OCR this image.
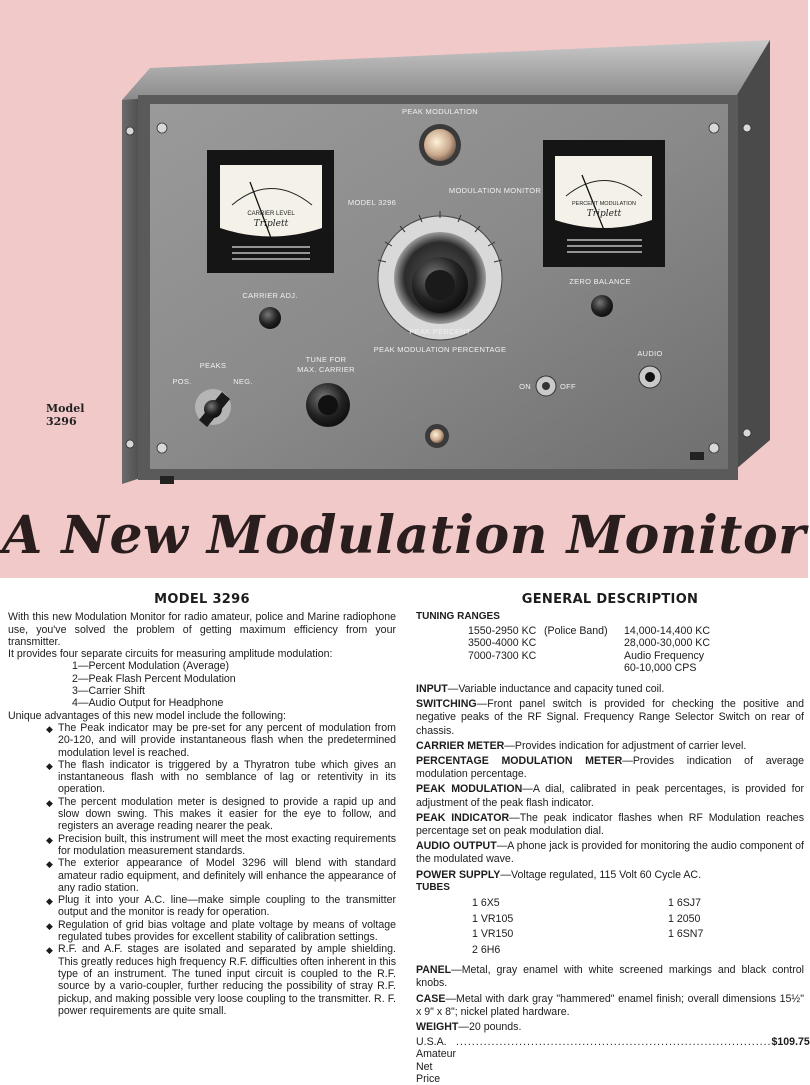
CARRIER LEVEL
Triplett
PERCENT MODULATION
Triplett
PEAK MODULATION
MODEL 3296
MODULATION MONITOR
PEAK PERCENT
PEAK MODULATION PERCENTAGE
CARRIER ADJ.
ZERO BALANCE
PEAKS
POS.	NEG.
TUNE FOR
MAX. CARRIER
ON	OFF
AUDIO
Model
3296
A New Modulation Monitor
MODEL 3296

With this new Modulation Monitor for radio amateur, police and Marine radiophone use, you've solved the problem of getting maximum efficiency from your transmitter.

It provides four separate circuits for measuring amplitude modulation:

1—Percent Modulation (Average)
2—Peak Flash Percent Modulation
3—Carrier Shift
4—Audio Output for Headphone

Unique advantages of this new model include the following:

◆ The Peak indicator may be pre-set for any percent of modulation from 20-120, and will provide instantaneous flash when the predetermined modulation level is reached.
◆ The flash indicator is triggered by a Thyratron tube which gives an instantaneous flash with no semblance of lag or retentivity in its operation.
◆ The percent modulation meter is designed to provide a rapid up and slow down swing. This makes it easier for the eye to follow, and registers an average reading nearer the peak.
◆ Precision built, this instrument will meet the most exacting requirements for modulation measurement standards.
◆ The exterior appearance of Model 3296 will blend with standard amateur radio equipment, and definitely will enhance the appearance of any radio station.
◆ Plug it into your A.C. line—make simple coupling to the transmitter output and the monitor is ready for operation.
◆ Regulation of grid bias voltage and plate voltage by means of voltage regulated tubes provides for excellent stability of calibration settings.
◆ R.F. and A.F. stages are isolated and separated by ample shielding. This greatly reduces high frequency R.F. difficulties often inherent in this type of an instrument. The tuned input circuit is coupled to the R.F. source by a vario-coupler, further reducing the possibility of stray R.F. pickup, and making possible very loose coupling to the transmitter. R. F. power requirements are quite small.
GENERAL DESCRIPTION
TUNING RANGES
1550-2950 KC (Police Band)	14,000-14,400 KC
3500-4000 KC	28,000-30,000 KC
7000-7300 KC	Audio Frequency
60-10,000 CPS

INPUT—Variable inductance and capacity tuned coil.

SWITCHING—Front panel switch is provided for checking the positive and negative peaks of the RF Signal. Frequency Range Selector Switch on rear of chassis.

CARRIER METER—Provides indication for adjustment of carrier level.

PERCENTAGE MODULATION METER—Provides indication of average modulation percentage.

PEAK MODULATION—A dial, calibrated in peak percentages, is provided for adjustment of the peak flash indicator.

PEAK INDICATOR—The peak indicator flashes when RF Modulation reaches percentage set on peak modulation dial.

AUDIO OUTPUT—A phone jack is provided for monitoring the audio component of the modulated wave.

POWER SUPPLY—Voltage regulated, 115 Volt 60 Cycle AC.

TUBES
1 6X5	1 6SJ7
1 VR105	1 2050
1 VR150	1 6SN7
2 6H6

PANEL—Metal, gray enamel with white screened markings and black control knobs.

CASE—Metal with dark gray "hammered" enamel finish; overall dimensions 15½" x 9" x 8"; nickel plated hardware.

WEIGHT—20 pounds.

U.S.A. Amateur Net Price
................................................................................ $109.75
